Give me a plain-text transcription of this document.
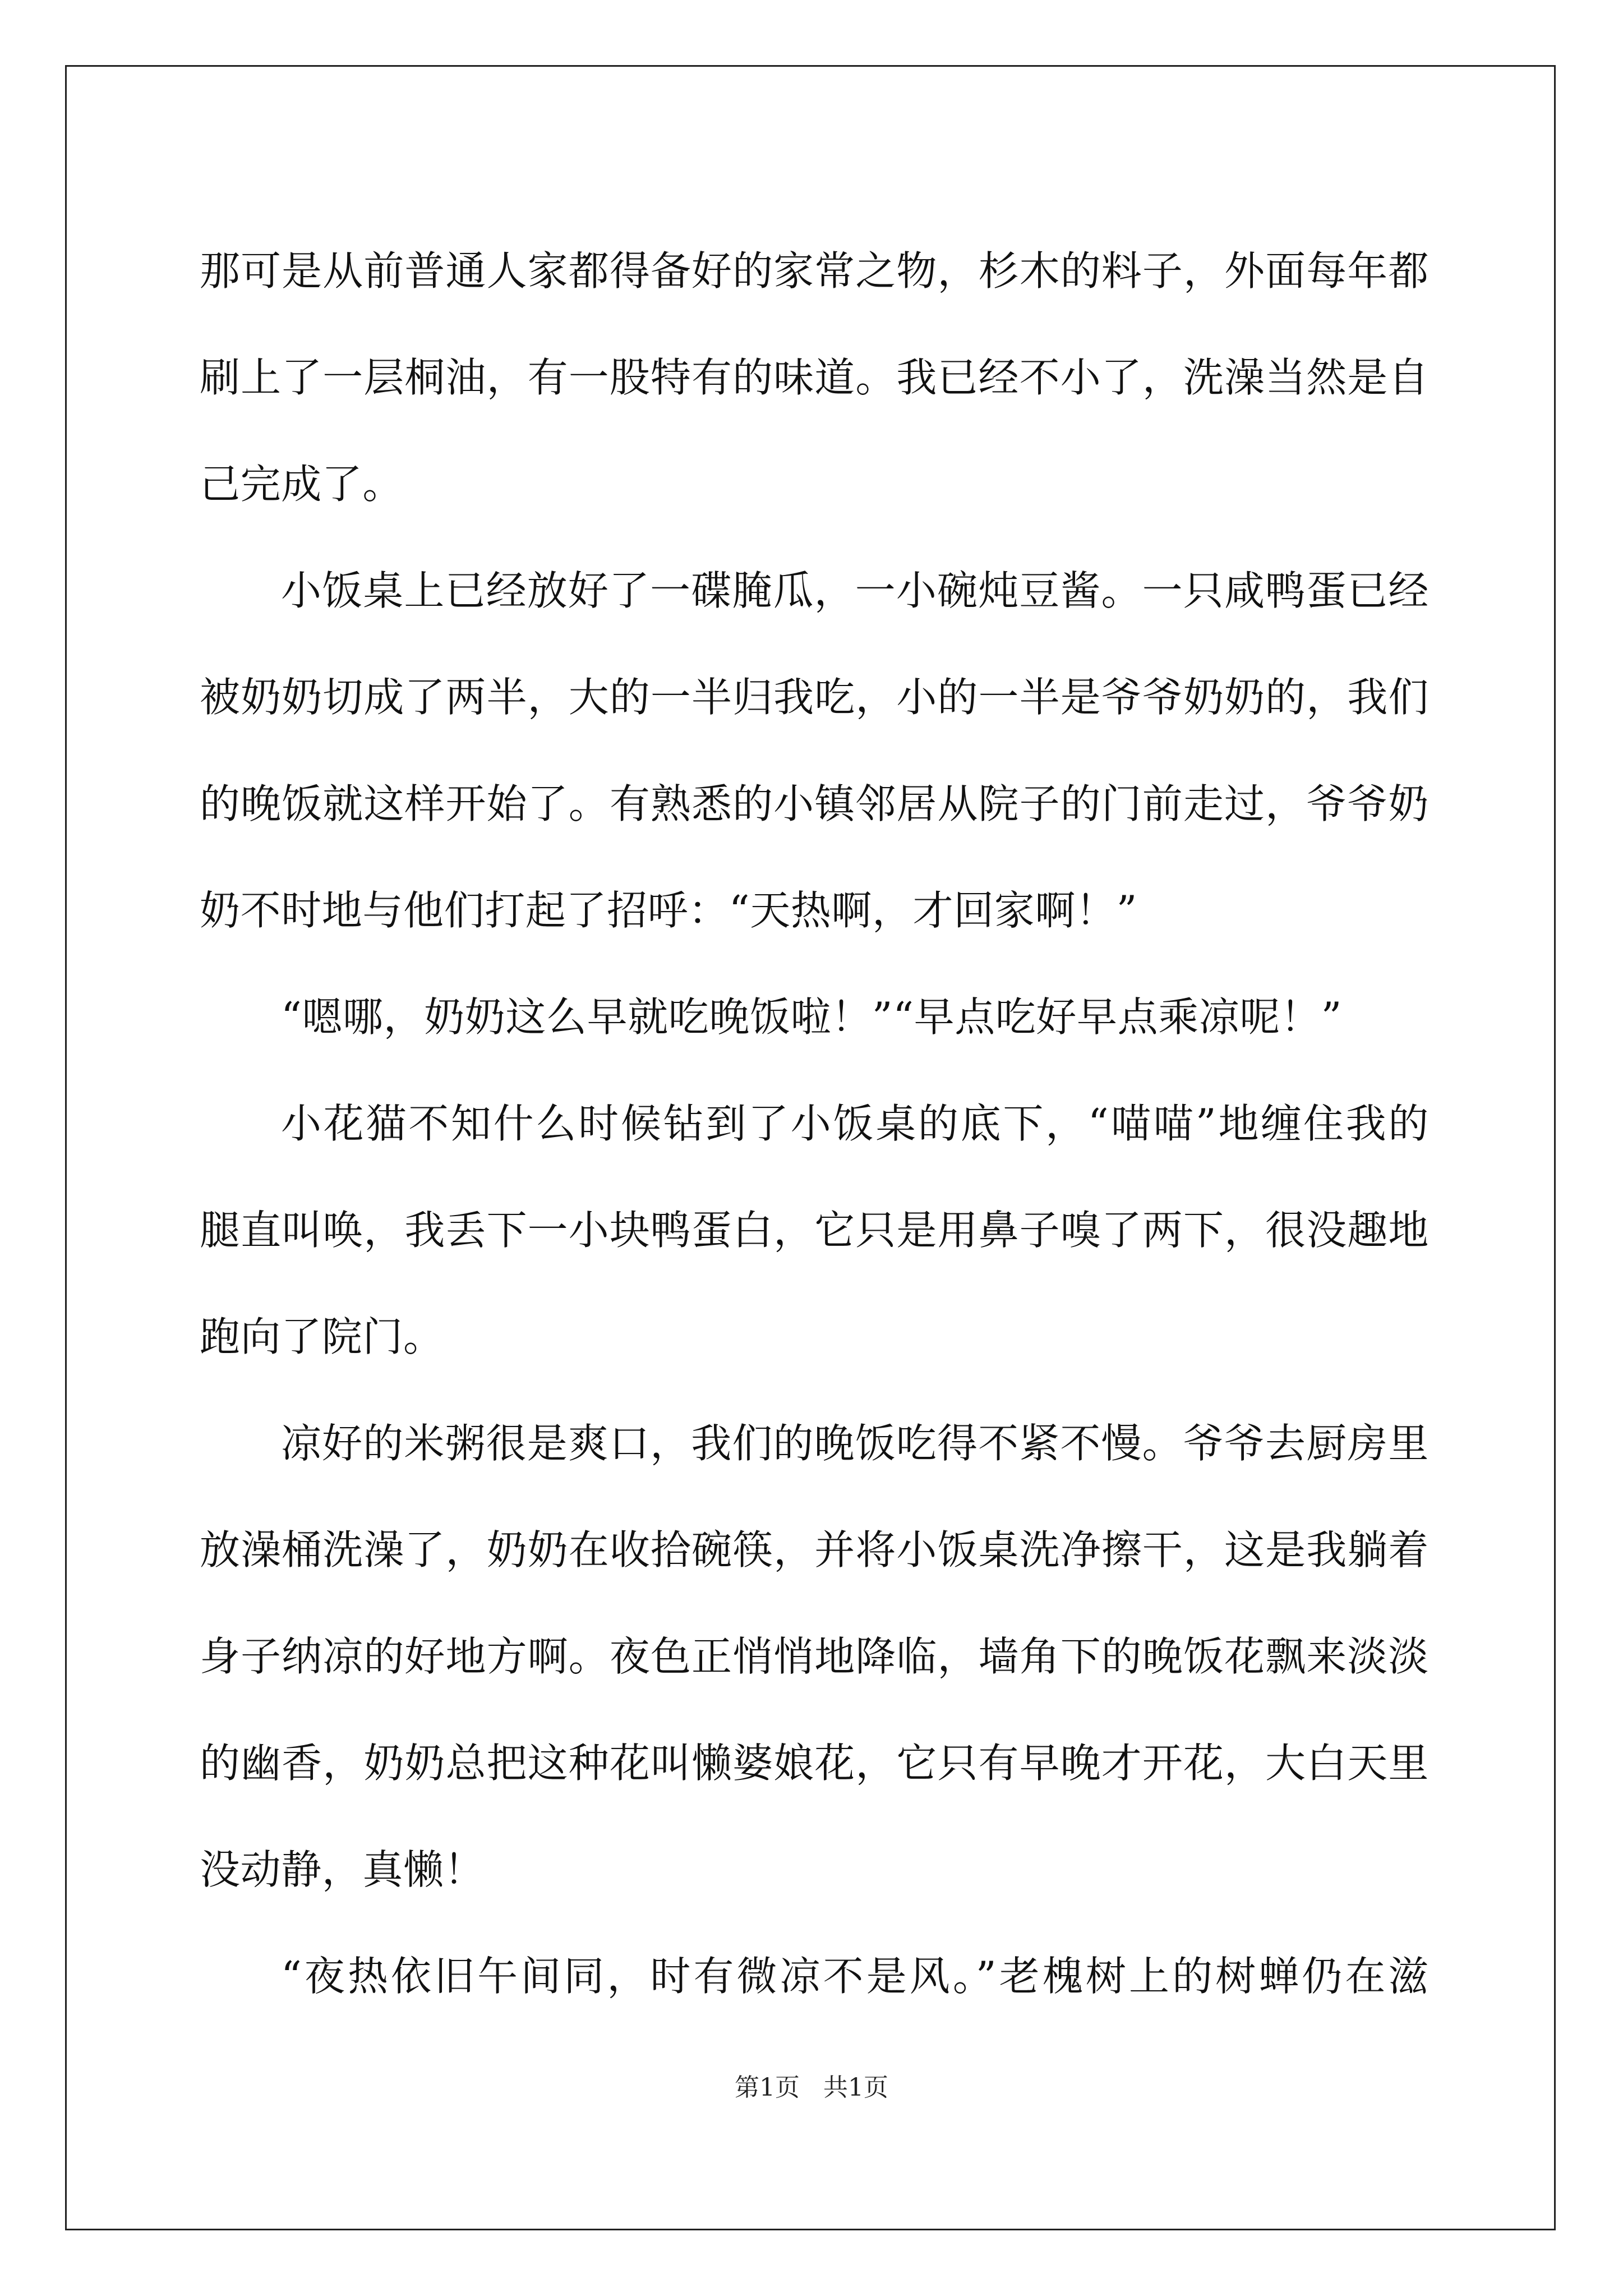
那可是从前普通人家都得备好的家常之物，杉木的料子，外面每年都
刷上了一层桐油，有一股特有的味道。我已经不小了，洗澡当然是自
己完成了。
小饭桌上已经放好了一碟腌瓜，一小碗炖豆酱。一只咸鸭蛋已经
被奶奶切成了两半，大的一半归我吃，小的一半是爷爷奶奶的，我们
的晚饭就这样开始了。有熟悉的小镇邻居从院子的门前走过，爷爷奶
奶不时地与他们打起了招呼：“天热啊，才回家啊！”
“嗯哪，奶奶这么早就吃晚饭啦！”“早点吃好早点乘凉呢！”
小花猫不知什么时候钻到了小饭桌的底下，“喵喵”地缠住我的
腿直叫唤，我丢下一小块鸭蛋白，它只是用鼻子嗅了两下，很没趣地
跑向了院门。
凉好的米粥很是爽口，我们的晚饭吃得不紧不慢。爷爷去厨房里
放澡桶洗澡了，奶奶在收拾碗筷，并将小饭桌洗净擦干，这是我躺着
身子纳凉的好地方啊。夜色正悄悄地降临，墙角下的晚饭花飘来淡淡
的幽香，奶奶总把这种花叫懒婆娘花，它只有早晚才开花，大白天里
没动静，真懒！
“夜热依旧午间同，时有微凉不是风。”老槐树上的树蝉仍在滋
第1页 共1页
